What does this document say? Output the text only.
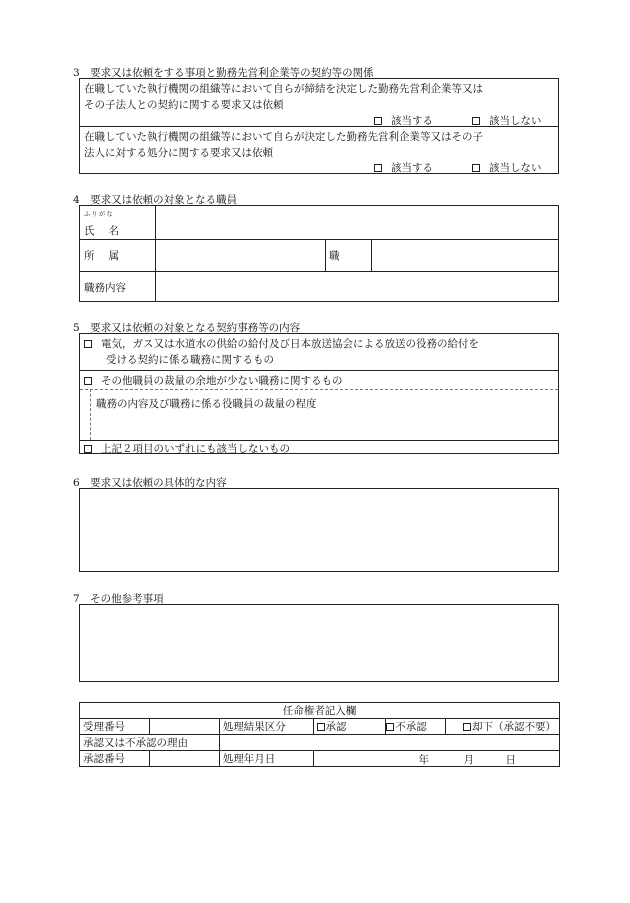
3　要求又は依頼をする事項と勤務先営利企業等の契約等の関係
在職していた執行機関の組織等において自らが締結を決定した勤務先営利企業等又は
その子法人との契約に関する要求又は依頼
該当する	該当しない
在職していた執行機関の組織等において自らが決定した勤務先営利企業等又はその子
法人に対する処分に関する要求又は依頼
該当する	該当しない
4　要求又は依頼の対象となる職員
ふりがな
氏名
所属	職
職務内容
5　要求又は依頼の対象となる契約事務等の内容
電気，ガス又は水道水の供給の給付及び日本放送協会による放送の役務の給付を
受ける契約に係る職務に関するもの
その他職員の裁量の余地が少ない職務に関するもの
職務の内容及び職務に係る役職員の裁量の程度
上記２項目のいずれにも該当しないもの
6　要求又は依頼の具体的な内容
7　その他参考事項
任命権者記入欄					
受理番号		処理結果区分	承認	不承認	却下（承認不要）
承認又は不承認の理由					
承認番号		処理年月日	年 月 日		
